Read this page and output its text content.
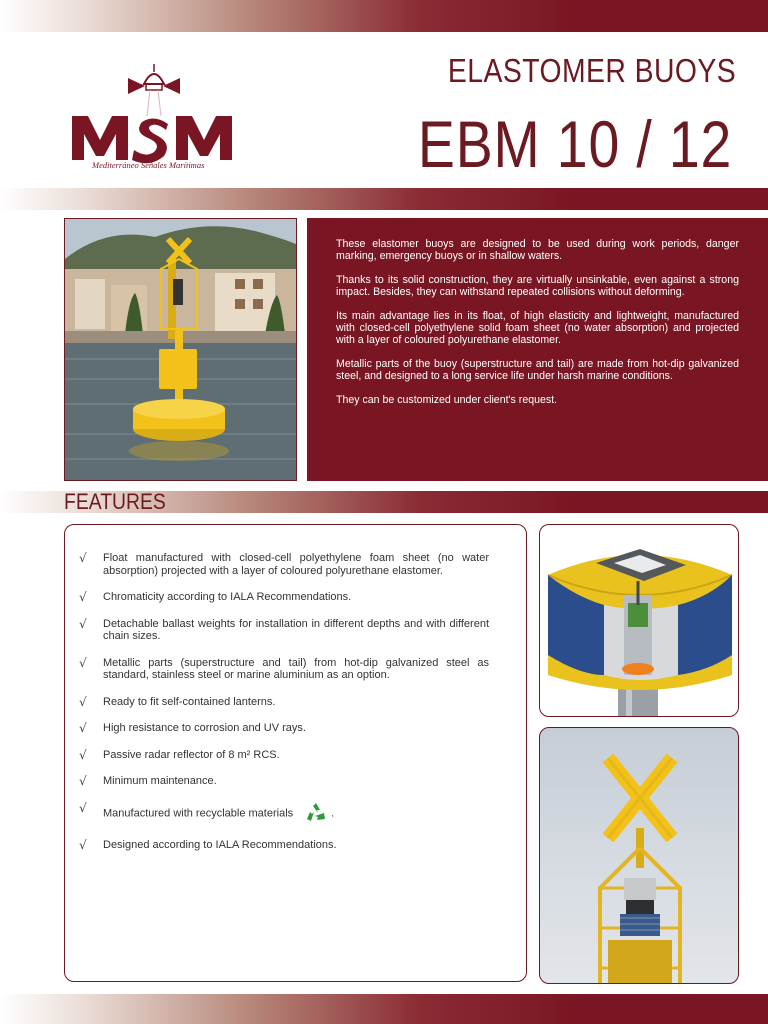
Mediterráneo Señales Marítimas
ELASTOMER BUOYS
EBM 10 / 12

These elastomer buoys are designed to be used during work periods, danger marking, emergency buoys or in shallow waters.

Thanks to its solid construction, they are virtually unsinkable, even against a strong impact. Besides, they can withstand repeated collisions without deforming.

Its main advantage lies in its float, of high elasticity and lightweight, manufactured with closed-cell polyethylene solid foam sheet (no water absorption) and projected with a layer of coloured polyurethane elastomer.

Metallic parts of the buoy (superstructure and tail) are made from hot-dip galvanized steel, and designed to a long service life under harsh marine conditions.

They can be customized under client's request.

FEATURES
√	Float manufactured with closed-cell polyethylene foam sheet (no water absorption) projected with a layer of coloured polyurethane elastomer.
√	Chromaticity according to IALA Recommendations.
√	Detachable ballast weights for installation in different depths and with different chain sizes.
√	Metallic parts (superstructure and tail) from hot-dip galvanized steel as standard, stainless steel or marine aluminium as an option.
√	Ready to fit self-contained lanterns.
√	High resistance to corrosion and UV rays.
√	Passive radar reflector of 8 m² RCS.
√	Minimum maintenance.
√	Manufactured with recyclable materials	.
√	Designed according to IALA Recommendations.
